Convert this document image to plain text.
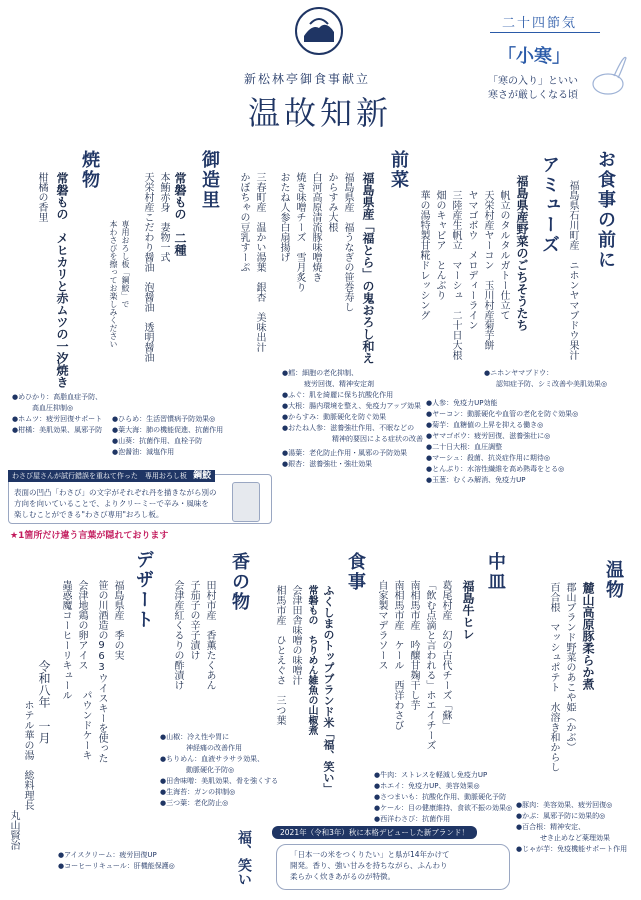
新松林亭御食事献立
温故知新
二十四節気
「小寒」
「寒の入り」といい
寒さが厳しくなる頃
お食事の前に
福島県石川町産　ニホンヤマブドウ果汁
アミューズ
福島県産野菜のごちそうたち
帆立のタルタルガトー仕立て
天栄村産ヤーコン　玉川村産菊芋餅
ヤマゴボウ　メロディーライン
三陸産生帆立　マーシュ　二十日大根
畑のキャビア　とんぶり
華の湯特製甘糀ドレッシング
前菜
福島県産「福とら」の鬼おろし和え
福島県産　福うなぎの笹巻寿し
からすみ大根
白河高原清流豚味噌焼き
焼き味噌チーズ　雪月炙り
おたね人参白扇揚げ
御造里
常磐もの　二種
本鮪赤身　妻物一式
天栄村産こだわり醤油　泡醤油　透明醤油
専用おろし板「鋼鮫」で
本わさびを擦ってお楽しみください	三春町産　温かい湯葉　銀杏　美味出汁
かぼちゃの豆乳すーぷ
焼物
常磐もの　メヒカリと赤ムツの一汐焼き
柑橘の香里
●めひかり：高脂血症予防、
高血圧抑制◎
●ホムツ：疲労回復サポート
●柑橘：美肌効果、風邪予防
●ひらめ：生活習慣病予防効果◎
●葉大海：肺の機能促進、抗菌作用
●山葵：抗菌作用、血栓予防
●泡醤油：減塩作用
●鱈：細胞の老化抑制、
疲労回復、精神安定剤
●ふぐ：肌を綺麗に保ち抗酸化作用
●大根：腸内環境を整え、免疫力アップ効果
●からすみ：動脈硬化を防ぐ効果
●おたね人参：滋養強壮作用、不眠などの
精神的要因による症状の改善
●湯葉：老化防止作用・風邪の予防効果
●銀杏：滋養強壮・強壮効果
●ニホンヤマブドウ：
認知症予防、シミ改善や美肌効果◎
●人参：免疫力UP効能
●ヤーコン：動脈硬化や血管の老化を防ぐ効果◎
●菊芋：血糖値の上昇を抑える働き◎
●ヤマゴボウ：疲労回復、滋養強壮に◎
●二十日大根：血圧調整
●マーシュ：殺菌、抗炎症作用に期待◎
●とんぶり：水溶性繊維を高め熱毒をとる◎
●玉葱：むくみ解消、免疫力UP
わさび屋さんが試行錯誤を重ねて作った　専用おろし板 鋼鮫
表面の凹凸「わさび」の文字がそれぞれ丹を描きながら別の
方向を向いていることで、よりクリーミーで辛み・風味を
楽しむことができる"わさび専用"おろし板。
★1箇所だけ違う言葉が隠れております
温物
麓山高原豚柔らか煮
郡山ブランド野菜のあこや姫（かぶ）
百合根　マッシュポテト　水溶き和からし
中皿
福島牛ヒレ
葛尾村産　幻の古代チーズ「蘇」
「飲む点滴と言われる」ホエイチーズ
南相馬市産　吟醸甘麹干し芋
南相馬市産　ケール　西洋わさび
自家製マデラソース
食事
ふくしまのトップブランド米「福、笑い」
常磐もの　ちりめん雑魚の山椒煮
会津田舎味噌の味噌汁
相馬市産　ひとえぐさ　三つ葉
香の物
田村市産　香薫たくあん
子茄子の辛子漬け
会津産紅くるりの酢漬け
デザート
福島県産　季の実
笹の川酒造の963ウイスキーを使った
パウンドケーキ
会津地鶏の卵アイス
蟲惑魔コーヒーリキュール
令和八年　一月
ホテル華の湯　総料理長
丸山賢治
●アイスクリーム：疲労回復UP
●コーヒーリキュール：肝機能保護◎
●山椒：冷え性や胃に
神経痛の改善作用
●ちりめん：血液サラサラ効果、
動脈硬化予防◎
●田舎味噌：美肌効果、骨を強くする
●生海苔：ガンの抑制◎
●三つ葉：老化防止◎
●牛肉：ストレスを軽減し免疫力UP
●ホエイ：免疫力UP、美容効果◎
●さつまいも：抗酸化作用、動脈硬化予防
●ケール：目の健康維持、食欲不振の効果◎
●西洋わさび：抗菌作用
●豚肉：美容効果、疲労回復◎
●かぶ：風邪予防に効果的◎
●百合根：精神安定、
せき止めなど薬理効果
●じゃが芋：免疫機能サポート作用
2021年（令和3年）秋に本格デビューした新ブランド！
「日本一の米をつくりたい」と県が14年かけて
開発。香り、強い甘みを持ちながら、ふんわり
柔らかく炊きあがるのが特徴。
福、笑い
